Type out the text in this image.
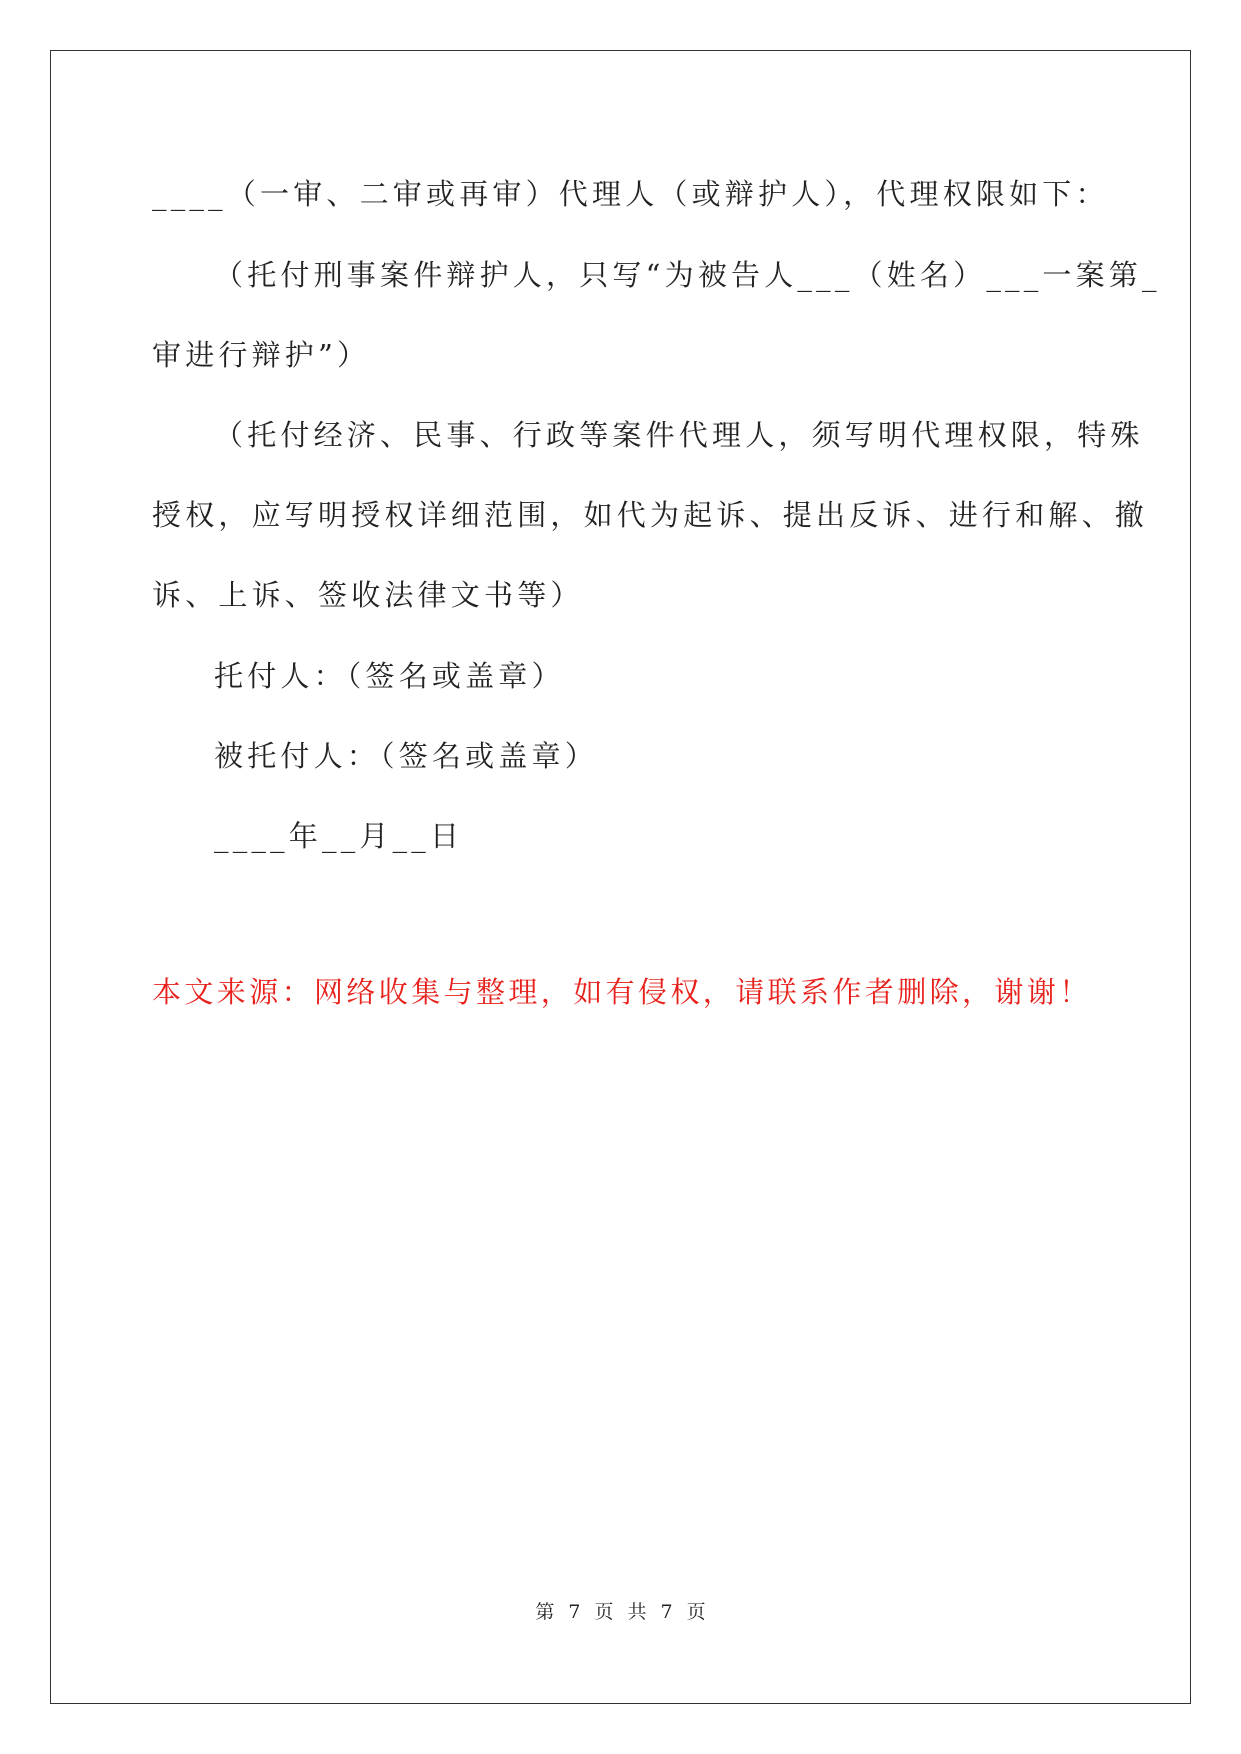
____（一审、二审或再审）代理人（或辩护人），代理权限如下：
（托付刑事案件辩护人，只写“为被告人___（姓名）___一案第_
审进行辩护”）
（托付经济、民事、行政等案件代理人，须写明代理权限，特殊
授权，应写明授权详细范围，如代为起诉、提出反诉、进行和解、撤
诉、上诉、签收法律文书等）
托付人：（签名或盖章）
被托付人：（签名或盖章）
____年__月__日
本文来源：网络收集与整理，如有侵权，请联系作者删除，谢谢！
第 7 页 共 7 页
